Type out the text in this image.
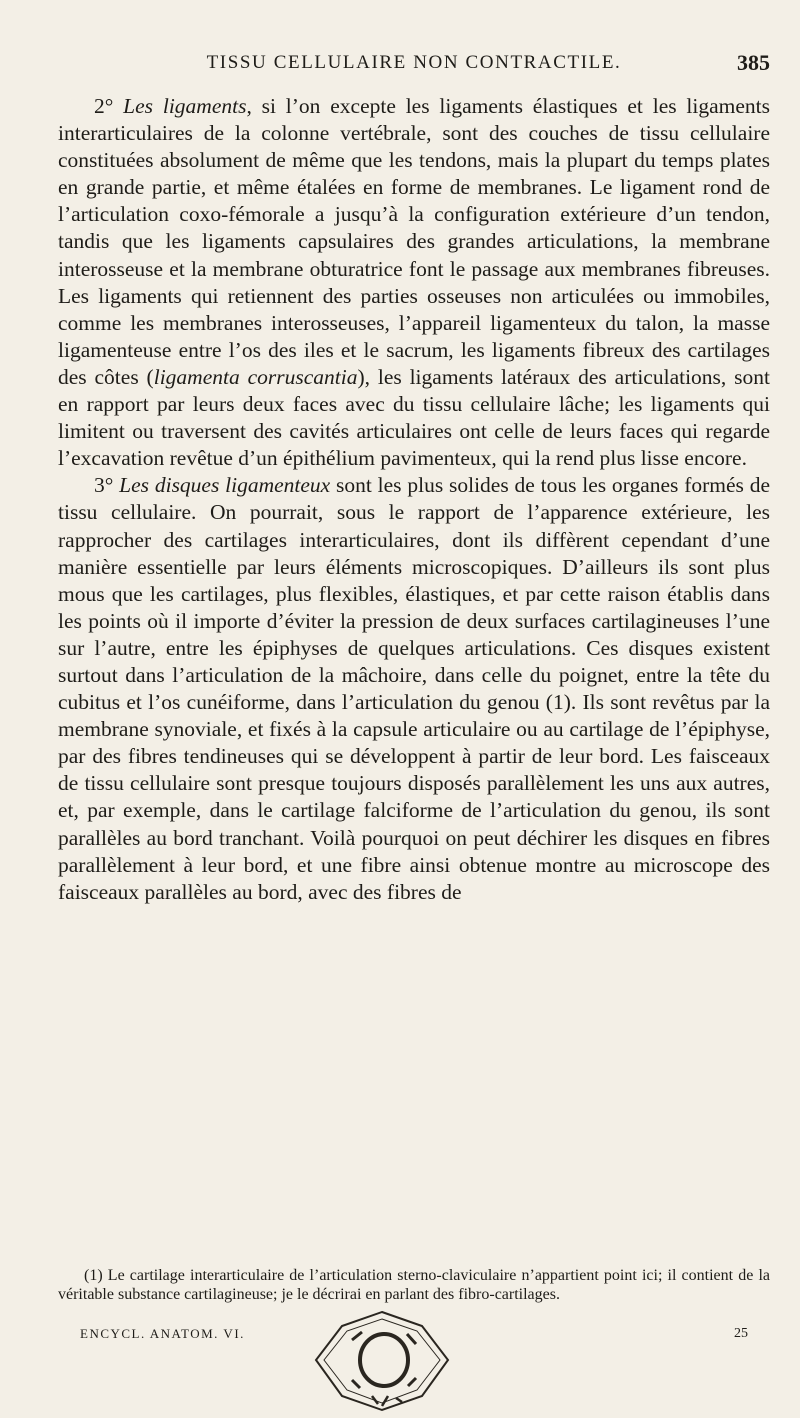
TISSU CELLULAIRE NON CONTRACTILE.	385

2° Les ligaments, si l’on excepte les ligaments élastiques et les ligaments interarticulaires de la colonne vertébrale, sont des couches de tissu cellulaire constituées absolument de même que les tendons, mais la plupart du temps plates en grande partie, et même étalées en forme de membranes. Le ligament rond de l’articulation coxo-fémorale a jusqu’à la configuration extérieure d’un tendon, tandis que les ligaments capsulaires des grandes articulations, la membrane interosseuse et la membrane obturatrice font le passage aux membranes fibreuses. Les ligaments qui retiennent des parties osseuses non articulées ou immobiles, comme les membranes interosseuses, l’appareil ligamenteux du talon, la masse ligamenteuse entre l’os des iles et le sacrum, les ligaments fibreux des cartilages des côtes (ligamenta corruscantia), les ligaments latéraux des articulations, sont en rapport par leurs deux faces avec du tissu cellulaire lâche; les ligaments qui limitent ou traversent des cavités articulaires ont celle de leurs faces qui regarde l’excavation revêtue d’un épithélium pavimenteux, qui la rend plus lisse encore.

3° Les disques ligamenteux sont les plus solides de tous les organes formés de tissu cellulaire. On pourrait, sous le rapport de l’apparence extérieure, les rapprocher des cartilages interarticulaires, dont ils diffèrent cependant d’une manière essentielle par leurs éléments microscopiques. D’ailleurs ils sont plus mous que les cartilages, plus flexibles, élastiques, et par cette raison établis dans les points où il importe d’éviter la pression de deux surfaces cartilagineuses l’une sur l’autre, entre les épiphyses de quelques articulations. Ces disques existent surtout dans l’articulation de la mâchoire, dans celle du poignet, entre la tête du cubitus et l’os cunéiforme, dans l’articulation du genou (1). Ils sont revêtus par la membrane synoviale, et fixés à la capsule articulaire ou au cartilage de l’épiphyse, par des fibres tendineuses qui se développent à partir de leur bord. Les faisceaux de tissu cellulaire sont presque toujours disposés parallèlement les uns aux autres, et, par exemple, dans le cartilage falciforme de l’articulation du genou, ils sont parallèles au bord tranchant. Voilà pourquoi on peut déchirer les disques en fibres parallèlement à leur bord, et une fibre ainsi obtenue montre au microscope des faisceaux parallèles au bord, avec des fibres de

(1) Le cartilage interarticulaire de l’articulation sterno-claviculaire n’appartient point ici; il contient de la véritable substance cartilagineuse; je le décrirai en parlant des fibro-cartilages.

ENCYCL. ANATOM. VI.	25
